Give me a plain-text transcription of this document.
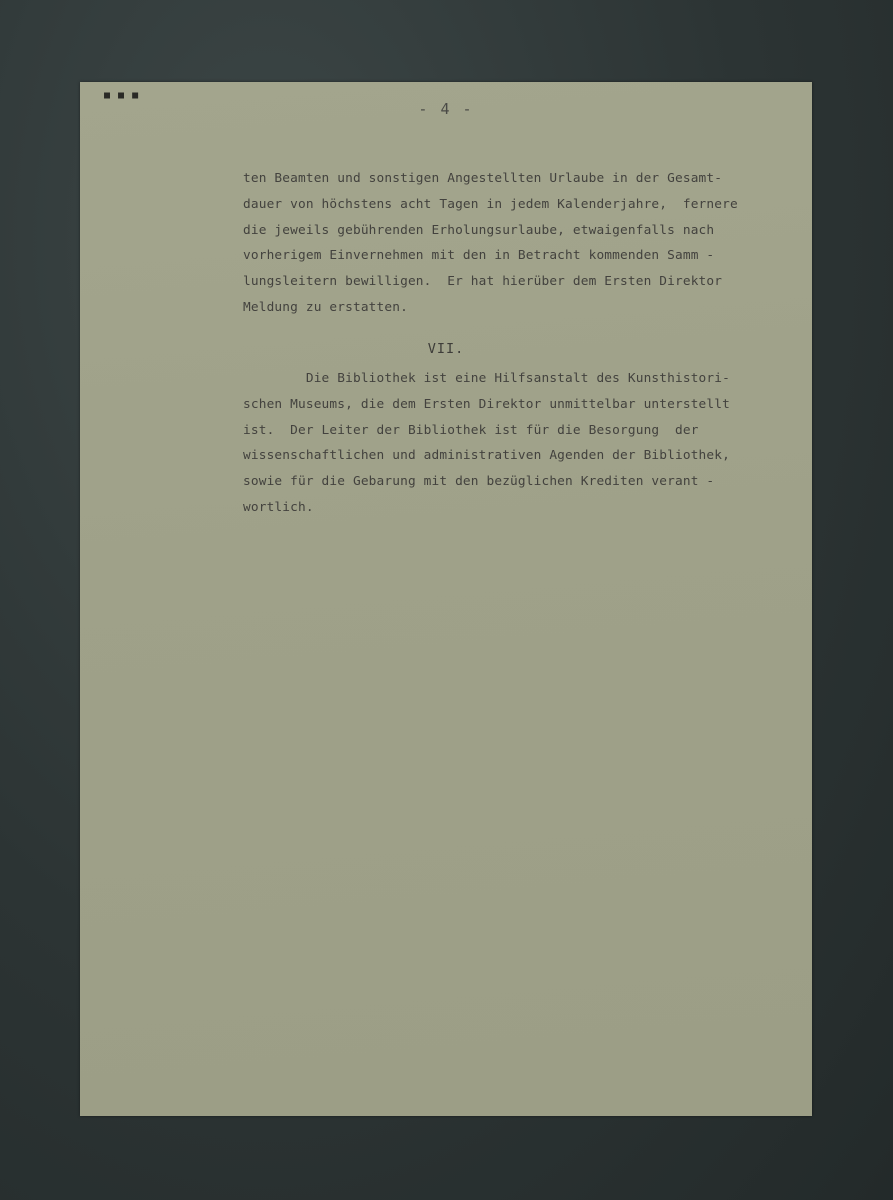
■ ■ ■
- 4 -
ten Beamten und sonstigen Angestellten Urlaube in der Gesamt-
dauer von höchstens acht Tagen in jedem Kalenderjahre,  fernere
die jeweils gebührenden Erholungsurlaube, etwaigenfalls nach
vorherigem Einvernehmen mit den in Betracht kommenden Samm -
lungsleitern bewilligen.  Er hat hierüber dem Ersten Direktor
Meldung zu erstatten.
VII.
Die Bibliothek ist eine Hilfsanstalt des Kunsthistori-
schen Museums, die dem Ersten Direktor unmittelbar unterstellt
ist.  Der Leiter der Bibliothek ist für die Besorgung  der
wissenschaftlichen und administrativen Agenden der Bibliothek,
sowie für die Gebarung mit den bezüglichen Krediten verant -
wortlich.
